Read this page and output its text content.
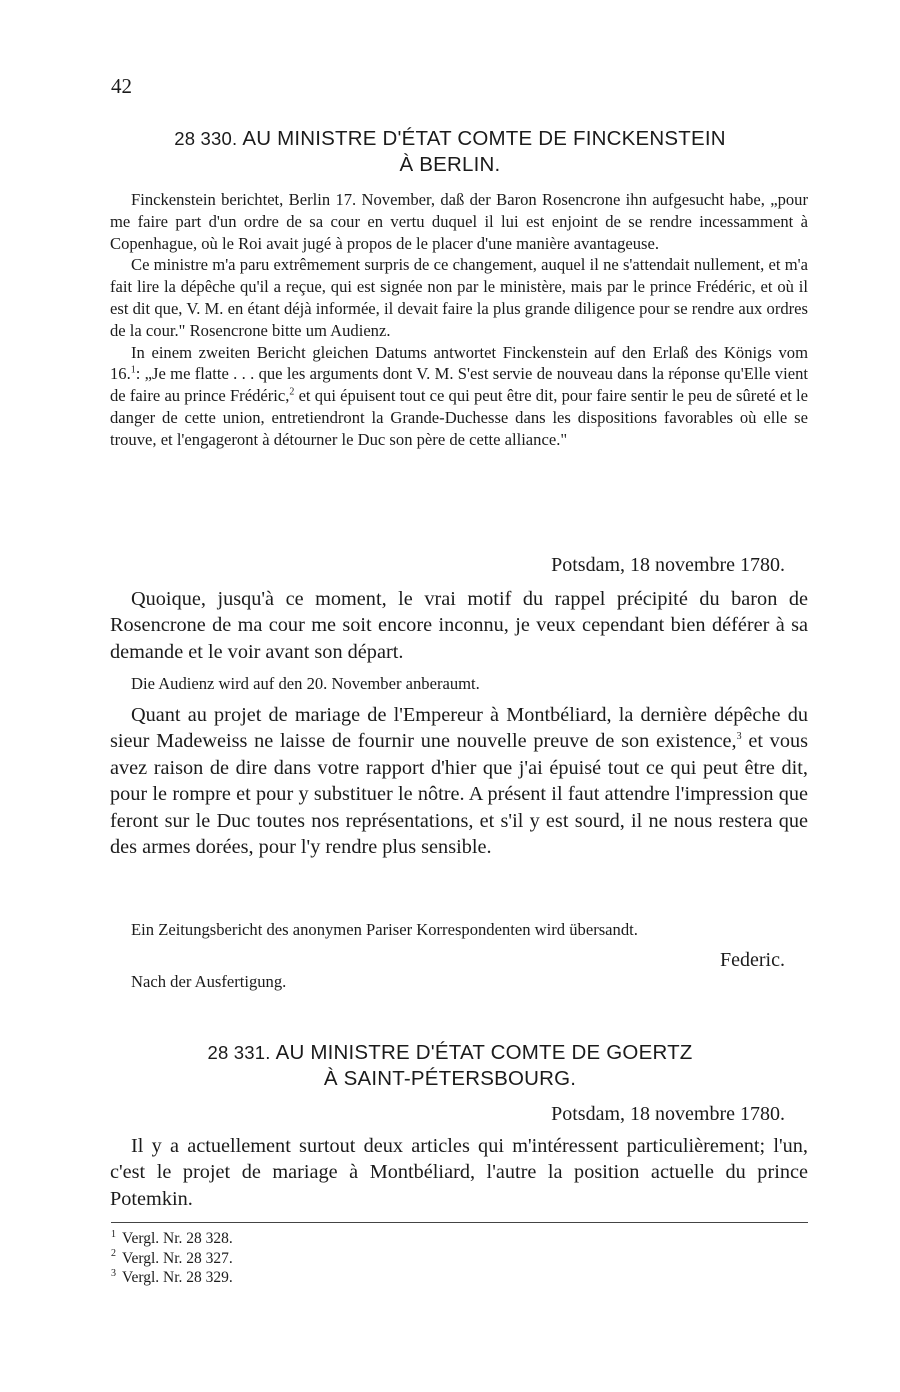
42
28 330. AU MINISTRE D'ÉTAT COMTE DE FINCKENSTEIN
À BERLIN.

Finckenstein berichtet, Berlin 17. November, daß der Baron Rosencrone ihn aufgesucht habe, „pour me faire part d'un ordre de sa cour en vertu duquel il lui est enjoint de se rendre incessamment à Copenhague, où le Roi avait jugé à propos de le placer d'une manière avantageuse.

Ce ministre m'a paru extrêmement surpris de ce changement, auquel il ne s'attendait nullement, et m'a fait lire la dépêche qu'il a reçue, qui est signée non par le ministère, mais par le prince Frédéric, et où il est dit que, V. M. en étant déjà informée, il devait faire la plus grande diligence pour se rendre aux ordres de la cour." Rosencrone bitte um Audienz.

In einem zweiten Bericht gleichen Datums antwortet Finckenstein auf den Erlaß des Königs vom 16.$^1$: „Je me flatte . . . que les arguments dont V. M. S'est servie de nouveau dans la réponse qu'Elle vient de faire au prince Frédéric,$^2$ et qui épuisent tout ce qui peut être dit, pour faire sentir le peu de sûreté et le danger de cette union, entretiendront la Grande-Duchesse dans les dispositions favorables où elle se trouve, et l'engageront à détourner le Duc son père de cette alliance."

Potsdam, 18 novembre 1780.

Quoique, jusqu'à ce moment, le vrai motif du rappel précipité du baron de Rosencrone de ma cour me soit encore inconnu, je veux cependant bien déférer à sa demande et le voir avant son départ.

Die Audienz wird auf den 20. November anberaumt.

Quant au projet de mariage de l'Empereur à Montbéliard, la dernière dépêche du sieur Madeweiss ne laisse de fournir une nouvelle preuve de son existence,$^3$ et vous avez raison de dire dans votre rapport d'hier que j'ai épuisé tout ce qui peut être dit, pour le rompre et pour y substituer le nôtre. A présent il faut attendre l'impression que feront sur le Duc toutes nos représentations, et s'il y est sourd, il ne nous restera que des armes dorées, pour l'y rendre plus sensible.

Ein Zeitungsbericht des anonymen Pariser Korrespondenten wird übersandt.
Federic.
Nach der Ausfertigung.
28 331. AU MINISTRE D'ÉTAT COMTE DE GOERTZ
À SAINT-PÉTERSBOURG.
Potsdam, 18 novembre 1780.

Il y a actuellement surtout deux articles qui m'intéressent particulièrement; l'un, c'est le projet de mariage à Montbéliard, l'autre la position actuelle du prince Potemkin.

$^1$ Vergl. Nr. 28 328.
$^2$ Vergl. Nr. 28 327.
$^3$ Vergl. Nr. 28 329.
